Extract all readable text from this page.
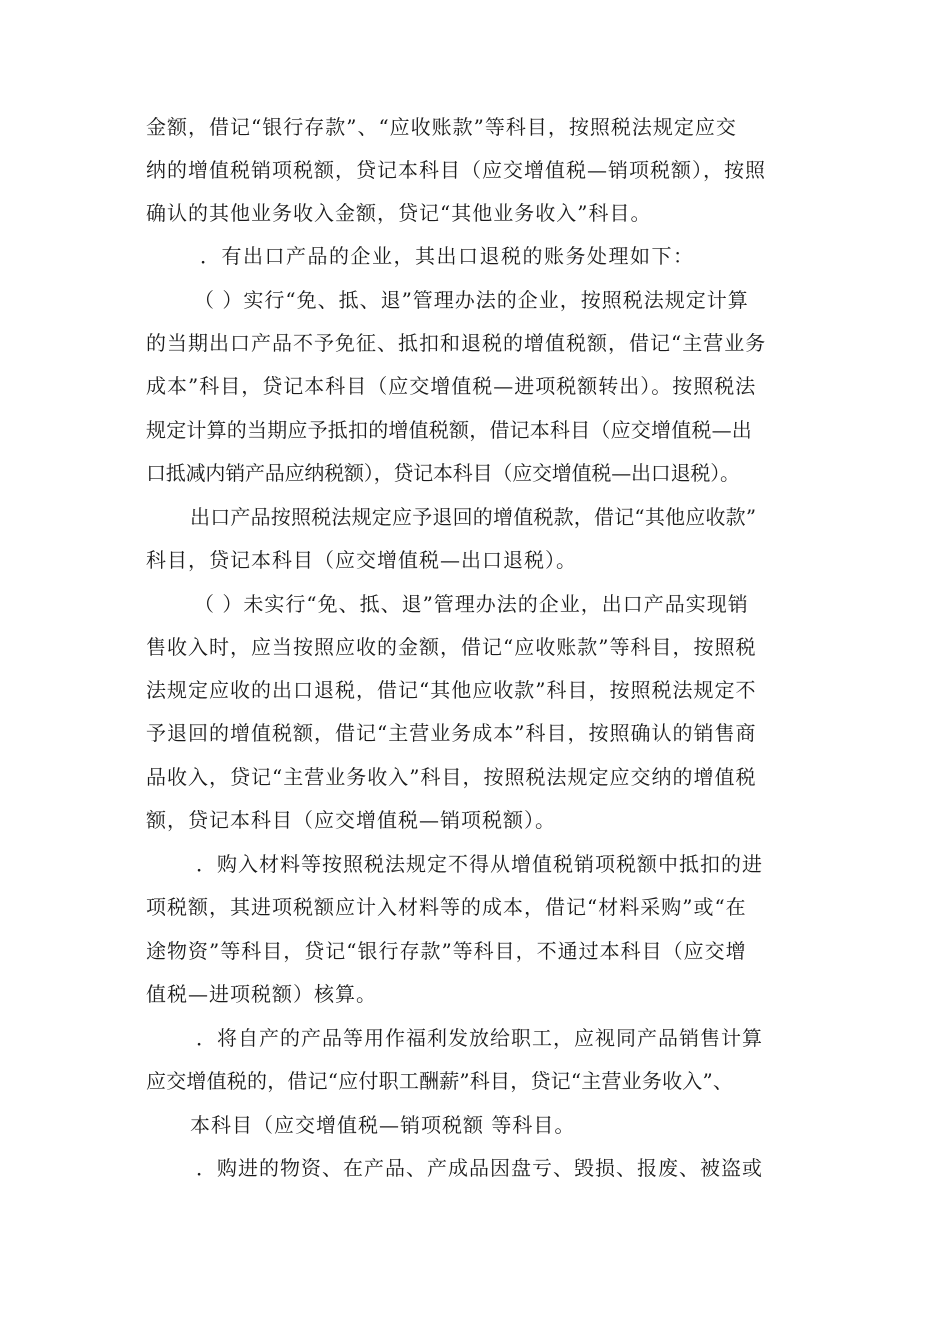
金额，借记“银行存款”、“应收账款”等科目，按照税法规定应交
纳的增值税销项税额，贷记本科目（应交增值税—销项税额），按照
确认的其他业务收入金额，贷记“其他业务收入”科目。
．有出口产品的企业，其出口退税的账务处理如下：
（ ）实行“免、抵、退”管理办法的企业，按照税法规定计算
的当期出口产品不予免征、抵扣和退税的增值税额，借记“主营业务
成本”科目，贷记本科目（应交增值税—进项税额转出）。按照税法
规定计算的当期应予抵扣的增值税额，借记本科目（应交增值税—出
口抵减内销产品应纳税额），贷记本科目（应交增值税—出口退税）。
出口产品按照税法规定应予退回的增值税款，借记“其他应收款”
科目，贷记本科目（应交增值税—出口退税）。
（ ）未实行“免、抵、退”管理办法的企业，出口产品实现销
售收入时，应当按照应收的金额，借记“应收账款”等科目，按照税
法规定应收的出口退税，借记“其他应收款”科目，按照税法规定不
予退回的增值税额，借记“主营业务成本”科目，按照确认的销售商
品收入，贷记“主营业务收入”科目，按照税法规定应交纳的增值税
额，贷记本科目（应交增值税—销项税额）。
．购入材料等按照税法规定不得从增值税销项税额中抵扣的进
项税额，其进项税额应计入材料等的成本，借记“材料采购”或“在
途物资”等科目，贷记“银行存款”等科目，不通过本科目（应交增
值税—进项税额）核算。
．将自产的产品等用作福利发放给职工，应视同产品销售计算
应交增值税的，借记“应付职工酬薪”科目，贷记“主营业务收入”、
本科目（应交增值税—销项税额 等科目。
．购进的物资、在产品、产成品因盘亏、毁损、报废、被盗或
